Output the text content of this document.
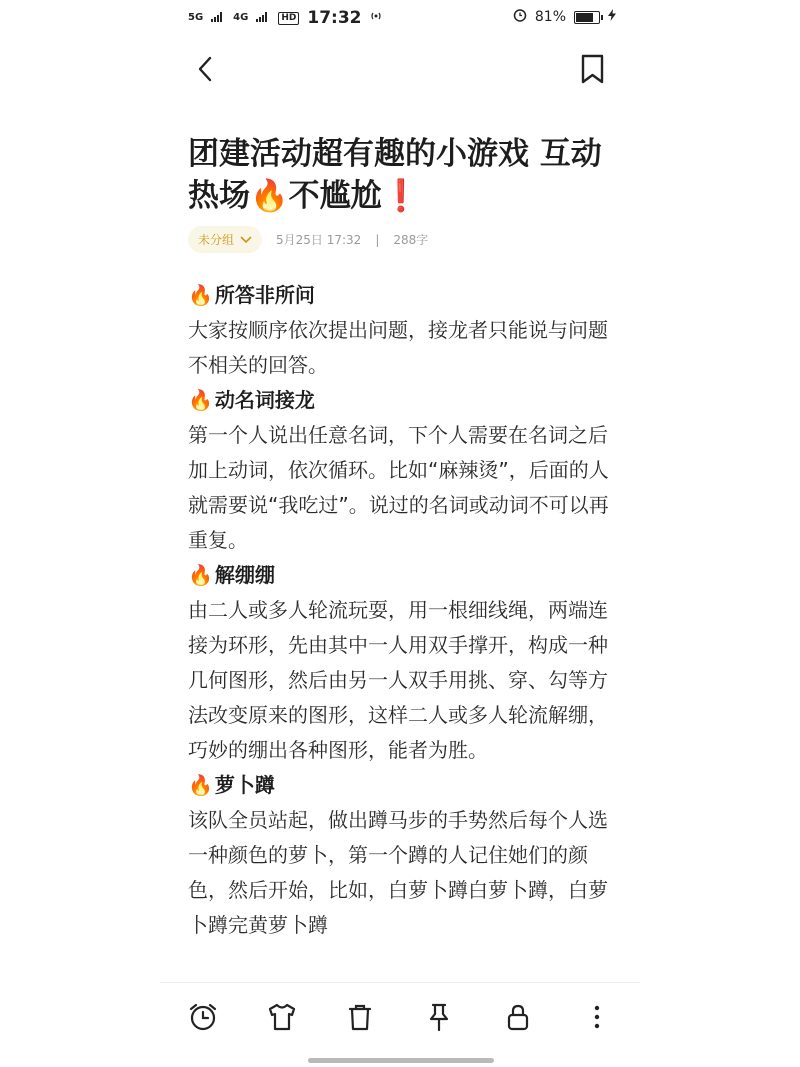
5G	4G	HD 17:32	81%
团建活动超有趣的小游戏 互动热场🔥不尴尬❗
未分组	5月25日 17:32 | 288字
🔥 所答非所问

大家按顺序依次提出问题，接龙者只能说与问题不相关的回答。

🔥 动名词接龙

第一个人说出任意名词，下个人需要在名词之后加上动词，依次循环。比如“麻辣烫”，后面的人就需要说“我吃过”。说过的名词或动词不可以再重复。

🔥 解绷绷

由二人或多人轮流玩耍，用一根细线绳，两端连接为环形，先由其中一人用双手撑开，构成一种几何图形，然后由另一人双手用挑、穿、勾等方法改变原来的图形，这样二人或多人轮流解绷，巧妙的绷出各种图形，能者为胜。

🔥 萝卜蹲

该队全员站起，做出蹲马步的手势然后每个人选一种颜色的萝卜，第一个蹲的人记住她们的颜色，然后开始，比如，白萝卜蹲白萝卜蹲，白萝卜蹲完黄萝卜蹲
